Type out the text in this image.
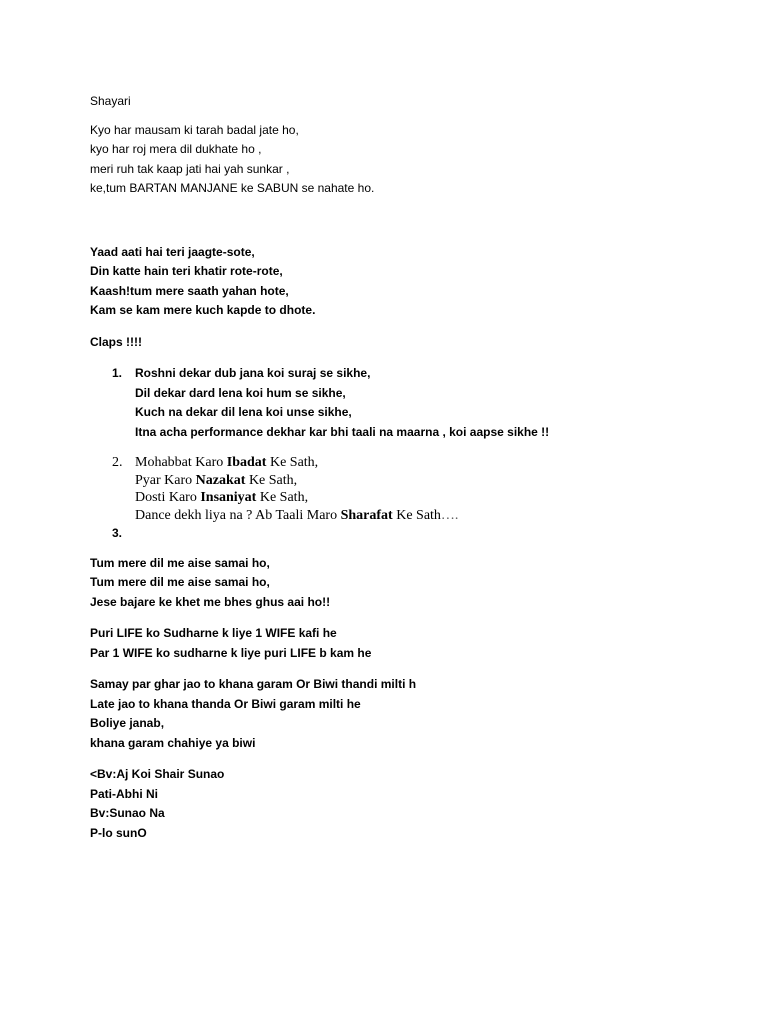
Shayari
Kyo har mausam ki tarah badal jate ho,
kyo har roj mera dil dukhate ho ,
meri ruh tak kaap jati hai yah sunkar ,
ke,tum BARTAN MANJANE ke SABUN se nahate ho.
Yaad aati hai teri jaagte-sote,
Din katte hain teri khatir rote-rote,
Kaash!tum mere saath yahan hote,
Kam se kam mere kuch kapde to dhote.
Claps !!!!
1. Roshni dekar dub jana koi suraj se sikhe,
Dil dekar dard lena koi hum se sikhe,
Kuch na dekar dil lena koi unse sikhe,
Itna acha performance dekhar kar bhi taali na maarna , koi aapse sikhe !!
2. Mohabbat Karo Ibadat Ke Sath,
Pyar Karo Nazakat Ke Sath,
Dosti Karo Insaniyat Ke Sath,
Dance dekh liya na ? Ab Taali Maro Sharafat Ke Sath….
3.

Tum mere dil me aise samai ho,
Tum mere dil me aise samai ho,
Jese bajare ke khet me bhes ghus aai ho!!
Puri LIFE ko Sudharne k liye 1 WIFE kafi he
Par 1 WIFE ko sudharne k liye puri LIFE b kam he
Samay par ghar jao to khana garam Or Biwi thandi milti h
Late jao to khana thanda Or Biwi garam milti he
Boliye janab,
khana garam chahiye ya biwi
<Bv:Aj Koi Shair Sunao
Pati-Abhi Ni
Bv:Sunao Na
P-lo sunO
